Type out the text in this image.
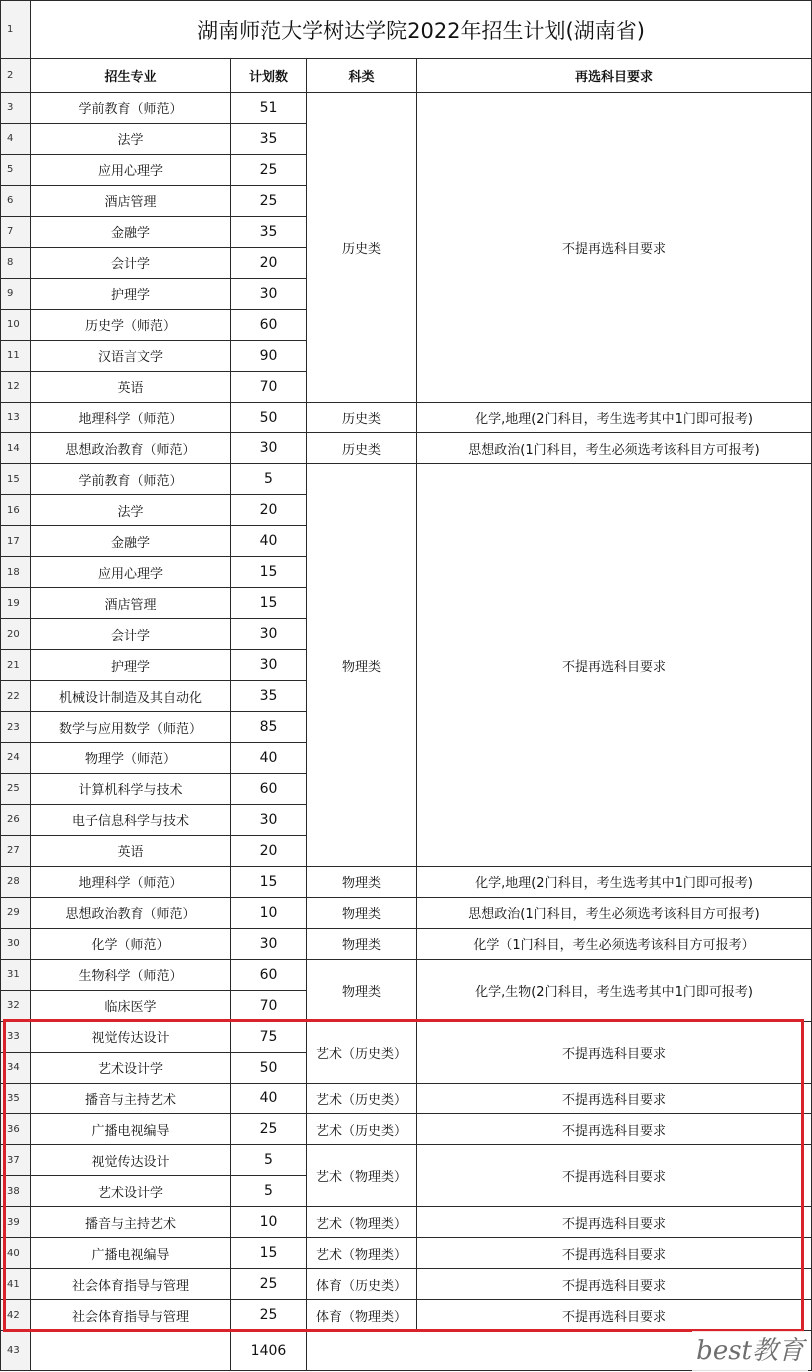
1	湖南师范大学树达学院2022年招生计划(湖南省)			
2	招生专业	计划数	科类	再选科目要求
3	学前教育（师范）	51	历史类	不提再选科目要求
4	法学	35		
5	应用心理学	25		
6	酒店管理	25		
7	金融学	35		
8	会计学	20		
9	护理学	30		
10	历史学（师范）	60		
11	汉语言文学	90		
12	英语	70		
13	地理科学（师范）	50	历史类	化学,地理(2门科目，考生选考其中1门即可报考)
14	思想政治教育（师范）	30	历史类	思想政治(1门科目，考生必须选考该科目方可报考)
15	学前教育（师范）	5	物理类	不提再选科目要求
16	法学	20		
17	金融学	40		
18	应用心理学	15		
19	酒店管理	15		
20	会计学	30		
21	护理学	30		
22	机械设计制造及其自动化	35		
23	数学与应用数学（师范）	85		
24	物理学（师范）	40		
25	计算机科学与技术	60		
26	电子信息科学与技术	30		
27	英语	20		
28	地理科学（师范）	15	物理类	化学,地理(2门科目，考生选考其中1门即可报考)
29	思想政治教育（师范）	10	物理类	思想政治(1门科目，考生必须选考该科目方可报考)
30	化学（师范）	30	物理类	化学（1门科目，考生必须选考该科目方可报考）
31	生物科学（师范）	60	物理类	化学,生物(2门科目，考生选考其中1门即可报考)
32	临床医学	70		
33	视觉传达设计	75	艺术（历史类）	不提再选科目要求
34	艺术设计学	50		
35	播音与主持艺术	40	艺术（历史类）	不提再选科目要求
36	广播电视编导	25	艺术（历史类）	不提再选科目要求
37	视觉传达设计	5	艺术（物理类）	不提再选科目要求
38	艺术设计学	5		
39	播音与主持艺术	10	艺术（物理类）	不提再选科目要求
40	广播电视编导	15	艺术（物理类）	不提再选科目要求
41	社会体育指导与管理	25	体育（历史类）	不提再选科目要求
42	社会体育指导与管理	25	体育（物理类）	不提再选科目要求
43		1406			best教育
